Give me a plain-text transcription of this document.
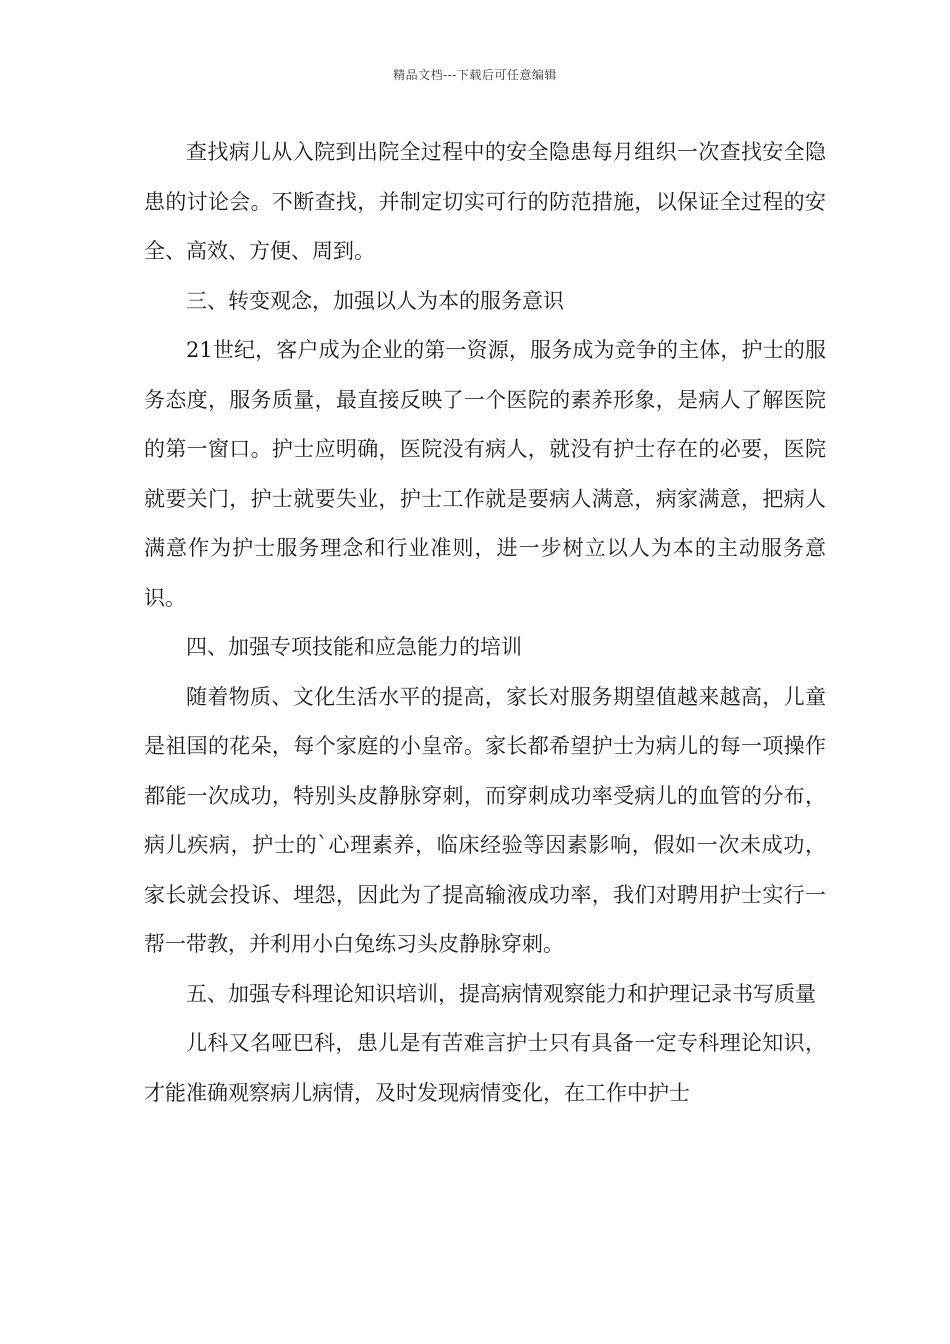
精品文档---下载后可任意编辑

查找病儿从入院到出院全过程中的安全隐患每月组织一次查找安全隐患的讨论会。不断查找，并制定切实可行的防范措施，以保证全过程的安全、高效、方便、周到。

三、转变观念，加强以人为本的服务意识

21世纪，客户成为企业的第一资源，服务成为竞争的主体，护士的服务态度，服务质量，最直接反映了一个医院的素养形象，是病人了解医院的第一窗口。护士应明确，医院没有病人，就没有护士存在的必要，医院就要关门，护士就要失业，护士工作就是要病人满意，病家满意，把病人满意作为护士服务理念和行业准则，进一步树立以人为本的主动服务意识。

四、加强专项技能和应急能力的培训

随着物质、文化生活水平的提高，家长对服务期望值越来越高，儿童是祖国的花朵，每个家庭的小皇帝。家长都希望护士为病儿的每一项操作都能一次成功，特别头皮静脉穿刺，而穿刺成功率受病儿的血管的分布，病儿疾病，护士的`心理素养，临床经验等因素影响，假如一次未成功，家长就会投诉、埋怨，因此为了提高输液成功率，我们对聘用护士实行一帮一带教，并利用小白兔练习头皮静脉穿刺。

五、加强专科理论知识培训，提高病情观察能力和护理记录书写质量

儿科又名哑巴科，患儿是有苦难言护士只有具备一定专科理论知识，才能准确观察病儿病情，及时发现病情变化，在工作中护士
